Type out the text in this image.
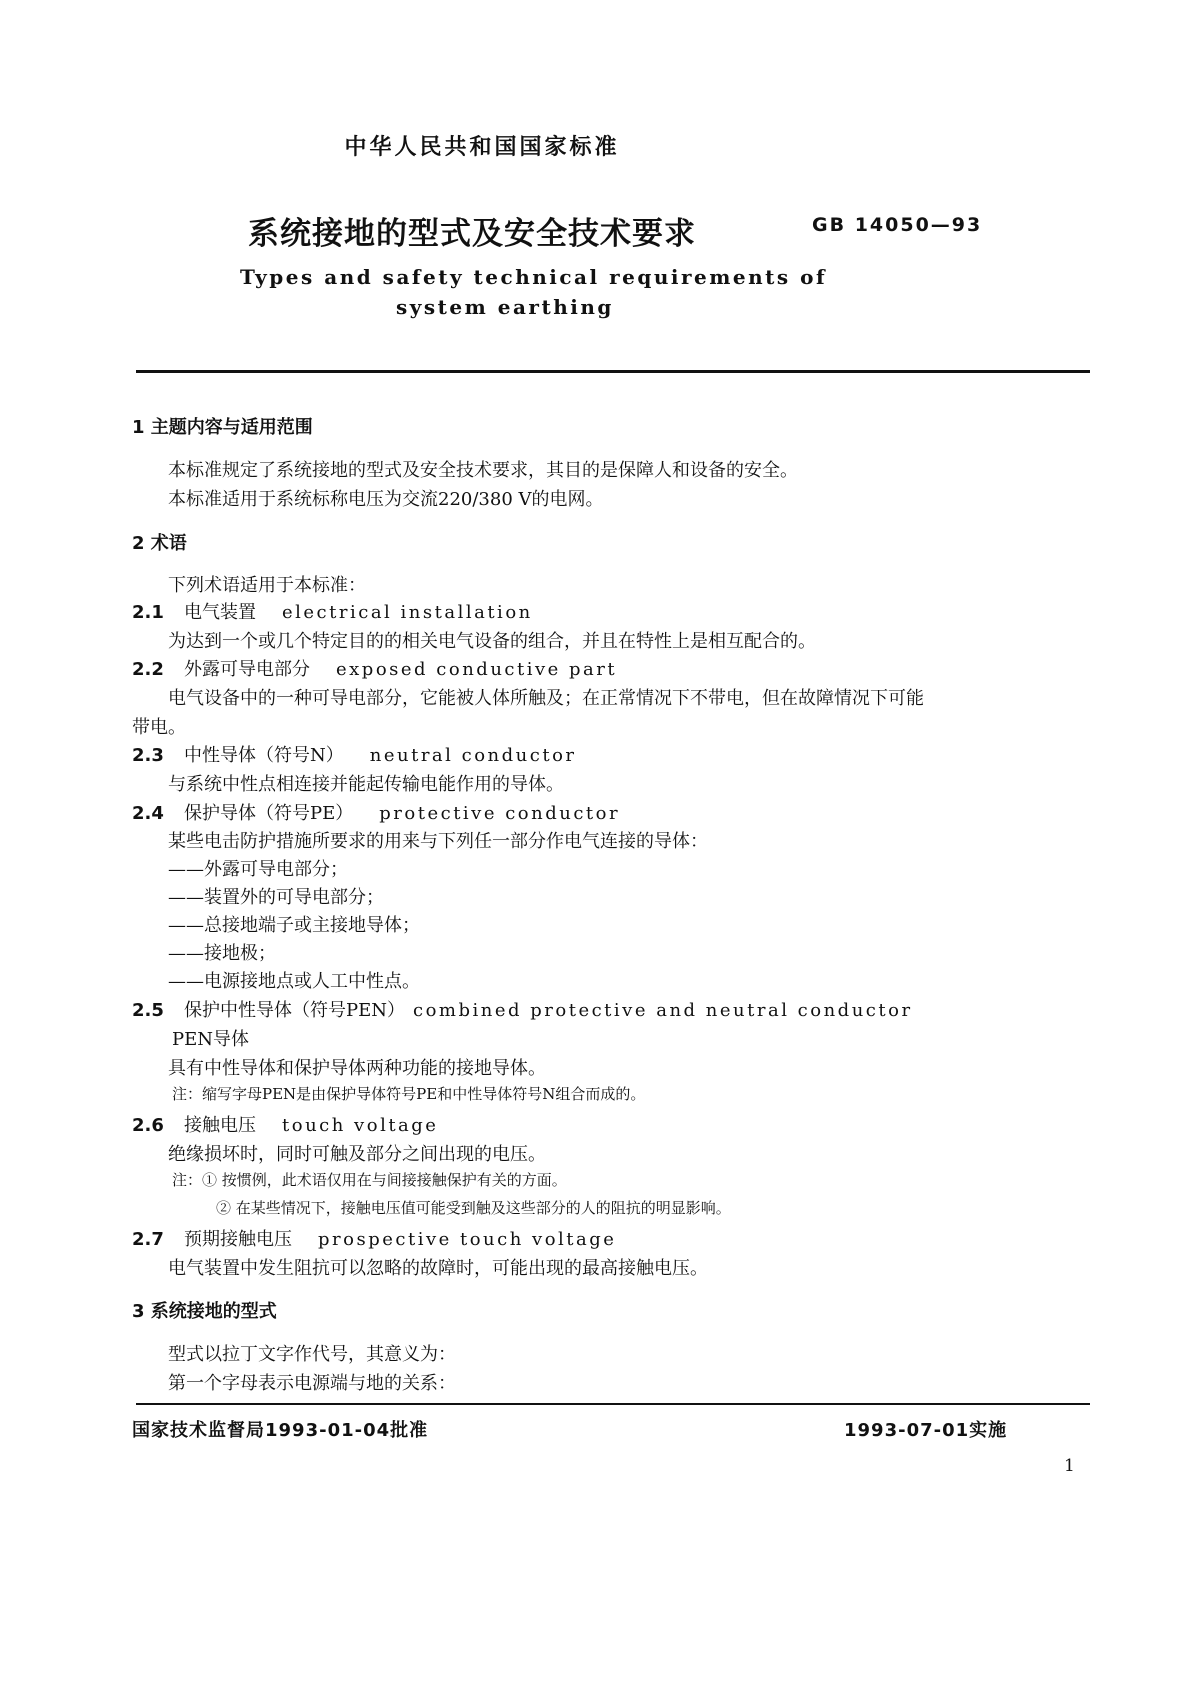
中华人民共和国国家标准
系统接地的型式及安全技术要求	GB 14050—93
Types and safety technical requirements of
system earthing
1 主题内容与适用范围
本标准规定了系统接地的型式及安全技术要求，其目的是保障人和设备的安全。
本标准适用于系统标称电压为交流220/380 V的电网。
2 术语
下列术语适用于本标准：
2.1 电气装置 electrical installation
为达到一个或几个特定目的的相关电气设备的组合，并且在特性上是相互配合的。
2.2 外露可导电部分 exposed conductive part
电气设备中的一种可导电部分，它能被人体所触及；在正常情况下不带电，但在故障情况下可能
带电。
2.3 中性导体（符号N） neutral conductor
与系统中性点相连接并能起传输电能作用的导体。
2.4 保护导体（符号PE） protective conductor
某些电击防护措施所要求的用来与下列任一部分作电气连接的导体：
——外露可导电部分；
——装置外的可导电部分；
——总接地端子或主接地导体；
——接地极；
——电源接地点或人工中性点。
2.5 保护中性导体（符号PEN） combined protective and neutral conductor
PEN导体
具有中性导体和保护导体两种功能的接地导体。
注：缩写字母PEN是由保护导体符号PE和中性导体符号N组合而成的。
2.6 接触电压 touch voltage
绝缘损坏时，同时可触及部分之间出现的电压。
注：① 按惯例，此术语仅用在与间接接触保护有关的方面。
② 在某些情况下，接触电压值可能受到触及这些部分的人的阻抗的明显影响。
2.7 预期接触电压 prospective touch voltage
电气装置中发生阻抗可以忽略的故障时，可能出现的最高接触电压。
3 系统接地的型式
型式以拉丁文字作代号，其意义为：
第一个字母表示电源端与地的关系：
国家技术监督局1993-01-04批准	1993-07-01实施
1
